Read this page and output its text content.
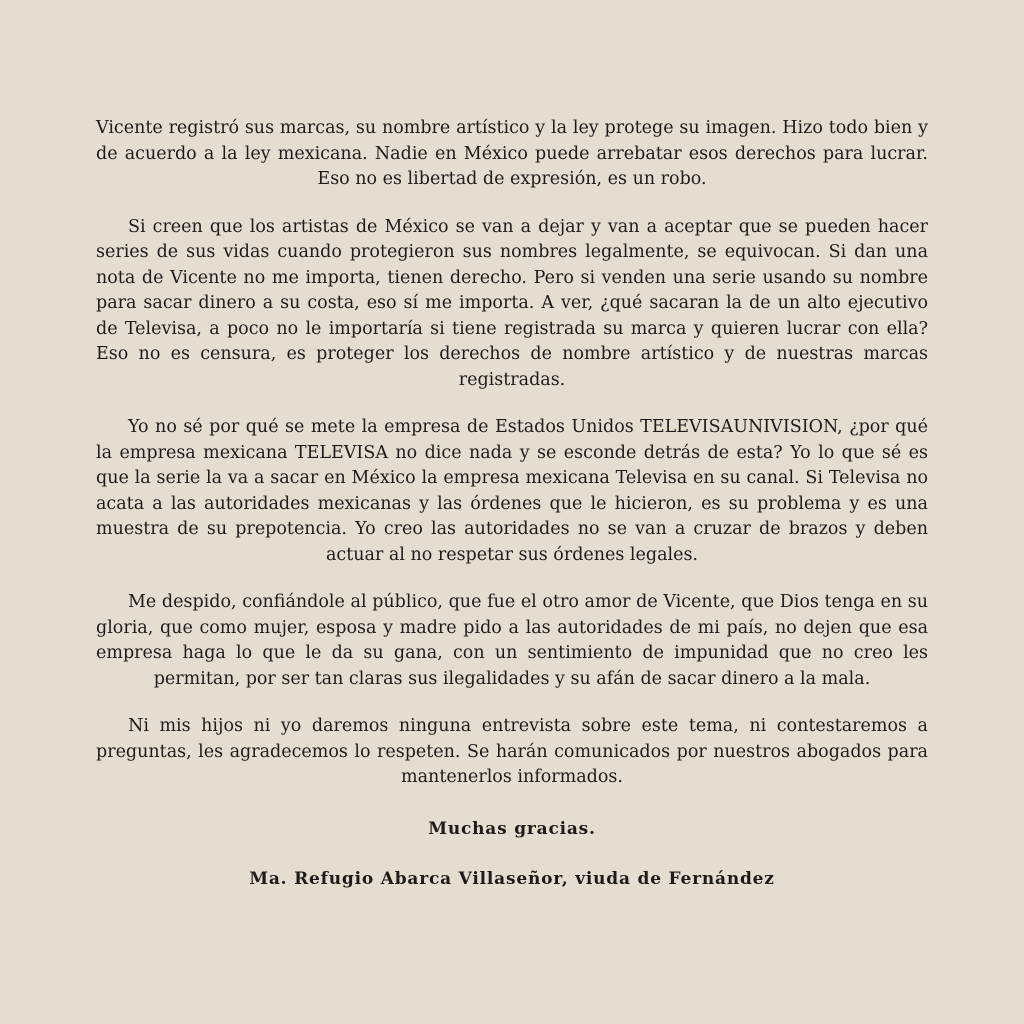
Vicente registró sus marcas, su nombre artístico y la ley protege su imagen. Hizo todo bien y de acuerdo a la ley mexicana. Nadie en México puede arrebatar esos derechos para lucrar. Eso no es libertad de expresión, es un robo.

Si creen que los artistas de México se van a dejar y van a aceptar que se pueden hacer series de sus vidas cuando protegieron sus nombres legalmente, se equivocan. Si dan una nota de Vicente no me importa, tienen derecho. Pero si venden una serie usando su nombre para sacar dinero a su costa, eso sí me importa. A ver, ¿qué sacaran la de un alto ejecutivo de Televisa, a poco no le importaría si tiene registrada su marca y quieren lucrar con ella? Eso no es censura, es proteger los derechos de nombre artístico y de nuestras marcas registradas.

Yo no sé por qué se mete la empresa de Estados Unidos TELEVISAUNIVISION, ¿por qué la empresa mexicana TELEVISA no dice nada y se esconde detrás de esta? Yo lo que sé es que la serie la va a sacar en México la empresa mexicana Televisa en su canal. Si Televisa no acata a las autoridades mexicanas y las órdenes que le hicieron, es su problema y es una muestra de su prepotencia. Yo creo las autoridades no se van a cruzar de brazos y deben actuar al no respetar sus órdenes legales.

Me despido, confiándole al público, que fue el otro amor de Vicente, que Dios tenga en su gloria, que como mujer, esposa y madre pido a las autoridades de mi país, no dejen que esa empresa haga lo que le da su gana, con un sentimiento de impunidad que no creo les permitan, por ser tan claras sus ilegalidades y su afán de sacar dinero a la mala.

Ni mis hijos ni yo daremos ninguna entrevista sobre este tema, ni contestaremos a preguntas, les agradecemos lo respeten. Se harán comunicados por nuestros abogados para mantenerlos informados.

Muchas gracias.
Ma. Refugio Abarca Villaseñor, viuda de Fernández
